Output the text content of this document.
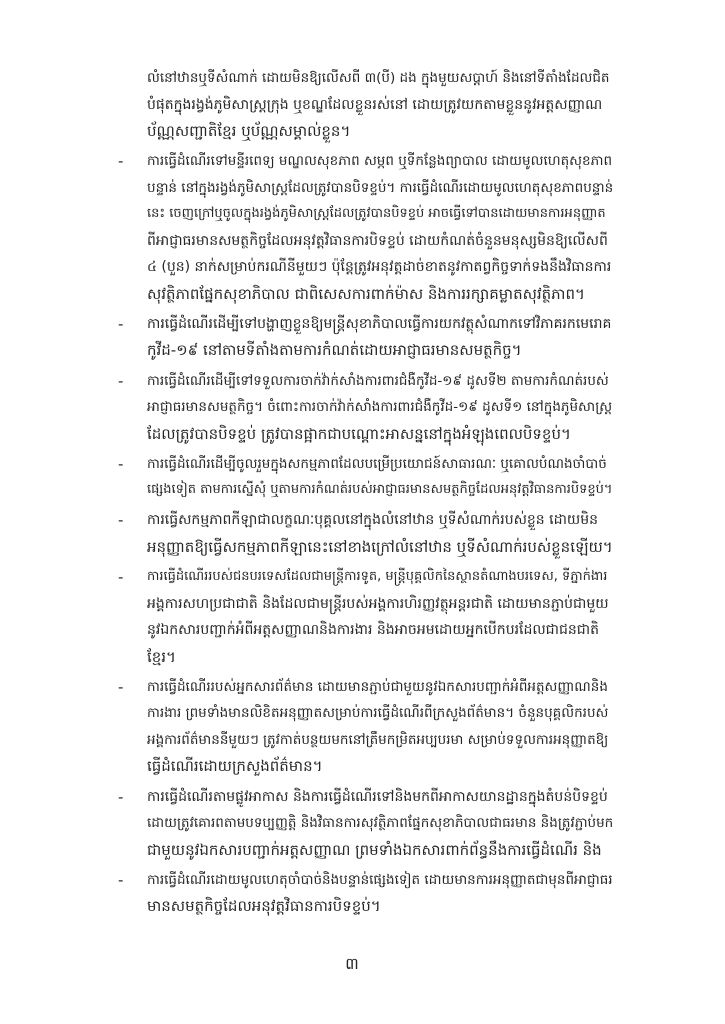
លំនៅឋានឬទីសំណាក់ ដោយមិនឱ្យលើសពី ៣(បី) ដង ក្នុងមួយសប្តាហ៍ និងនៅទីតាំងដែលជិត
បំផុតក្នុងរង្វង់ភូមិសាស្ត្រក្រុង ឬខណ្ឌដែលខ្លួនរស់នៅ ដោយត្រូវយកតាមខ្លួននូវអត្តសញ្ញាណ
ប័ណ្ណសញ្ជាតិខ្មែរ ឬប័ណ្ណសម្គាល់ខ្លួន។
-	ការធ្វើដំណើរទៅមន្ទីរពេទ្យ មណ្ឌលសុខភាព សម្ភព ឬទីកន្លែងព្យាបាល ដោយមូលហេតុសុខភាព
បន្ទាន់ នៅក្នុងរង្វង់ភូមិសាស្ត្រដែលត្រូវបានបិទខ្ទប់។ ការធ្វើដំណើរដោយមូលហេតុសុខភាពបន្ទាន់
នេះ ចេញក្រៅឬចូលក្នុងរង្វង់ភូមិសាស្ត្រដែលត្រូវបានបិទខ្ទប់ អាចធ្វើទៅបានដោយមានការអនុញ្ញាត
ពីអាជ្ញាធរមានសមត្ថកិច្ចដែលអនុវត្តវិធានការបិទខ្ទប់ ដោយកំណត់ចំនួនមនុស្សមិនឱ្យលើសពី
៤ (បួន) នាក់សម្រាប់ករណីនីមួយៗ ប៉ុន្តែត្រូវអនុវត្តដាច់ខាតនូវកាតព្វកិច្ចទាក់ទងនឹងវិធានការ
សុវត្ថិភាពផ្នែកសុខាភិបាល ជាពិសេសការពាក់ម៉ាស និងការរក្សាគម្លាតសុវត្ថិភាព។
-	ការធ្វើដំណើរដើម្បីទៅបង្ហាញខ្លួនឱ្យមន្ត្រីសុខាភិបាលធ្វើការយកវត្ថុសំណាកទៅវិភាគរកមេរោគ
កូវីដ-១៩ នៅតាមទីតាំងតាមការកំណត់ដោយអាជ្ញាធរមានសមត្ថកិច្ច។
-	ការធ្វើដំណើរដើម្បីទៅទទួលការចាក់វ៉ាក់សាំងការពារជំងឺកូវីដ-១៩ ដូសទី២ តាមការកំណត់របស់
អាជ្ញាធរមានសមត្ថកិច្ច។ ចំពោះការចាក់វ៉ាក់សាំងការពារជំងឺកូវីដ-១៩ ដូសទី១ នៅក្នុងភូមិសាស្ត្រ
ដែលត្រូវបានបិទខ្ទប់ ត្រូវបានផ្អាកជាបណ្ដោះអាសន្ននៅក្នុងអំឡុងពេលបិទខ្ទប់។
-	ការធ្វើដំណើរដើម្បីចូលរួមក្នុងសកម្មភាពដែលបម្រើប្រយោជន៍សាធារណៈ ឬគោលបំណងចាំបាច់
ផ្សេងទៀត តាមការស្នើសុំ ឬតាមការកំណត់របស់អាជ្ញាធរមានសមត្ថកិច្ចដែលអនុវត្តវិធានការបិទខ្ទប់។
-	ការធ្វើសកម្មភាពកីឡាជាលក្ខណៈបុគ្គលនៅក្នុងលំនៅឋាន ឬទីសំណាក់របស់ខ្លួន ដោយមិន
អនុញ្ញាតឱ្យធ្វើសកម្មភាពកីឡានេះនៅខាងក្រៅលំនៅឋាន ឬទីសំណាក់របស់ខ្លួនឡើយ។
-	ការធ្វើដំណើររបស់ជនបរទេសដែលជាមន្ត្រីការទូត, មន្ត្រីបុគ្គលិកនៃស្ថានតំណាងបរទេស, ទីភ្នាក់ងារ
អង្គការសហប្រជាជាតិ និងដែលជាមន្ត្រីរបស់អង្គការហិរញ្ញវត្ថុអន្តរជាតិ ដោយមានភ្ជាប់ជាមួយ
នូវឯកសារបញ្ជាក់អំពីអត្តសញ្ញាណនិងការងារ និងអាចអមដោយអ្នកបើកបរដែលជាជនជាតិ
ខ្មែរ។
-	ការធ្វើដំណើររបស់អ្នកសារព័ត៌មាន ដោយមានភ្ជាប់ជាមួយនូវឯកសារបញ្ជាក់អំពីអត្តសញ្ញាណនិង
ការងារ ព្រមទាំងមានលិខិតអនុញ្ញាតសម្រាប់ការធ្វើដំណើរពីក្រសួងព័ត៌មាន។ ចំនួនបុគ្គលិករបស់
អង្គការព័ត៌មាននីមួយៗ ត្រូវកាត់បន្ថយមកនៅត្រឹមកម្រិតអប្បបរមា សម្រាប់ទទួលការអនុញ្ញាតឱ្យ
ធ្វើដំណើរដោយក្រសួងព័ត៌មាន។
-	ការធ្វើដំណើរតាមផ្លូវអាកាស និងការធ្វើដំណើរទៅនិងមកពីអាកាសយានដ្ឋានក្នុងតំបន់បិទខ្ទប់
ដោយត្រូវគោរពតាមបទប្បញ្ញត្តិ និងវិធានការសុវត្ថិភាពផ្នែកសុខាភិបាលជាធរមាន និងត្រូវភ្ជាប់មក
ជាមួយនូវឯកសារបញ្ជាក់អត្តសញ្ញាណ ព្រមទាំងឯកសារពាក់ព័ន្ធនឹងការធ្វើដំណើរ និង
-	ការធ្វើដំណើរដោយមូលហេតុចាំបាច់និងបន្ទាន់ផ្សេងទៀត ដោយមានការអនុញ្ញាតជាមុនពីអាជ្ញាធរ
មានសមត្ថកិច្ចដែលអនុវត្តវិធានការបិទខ្ទប់។
៣
